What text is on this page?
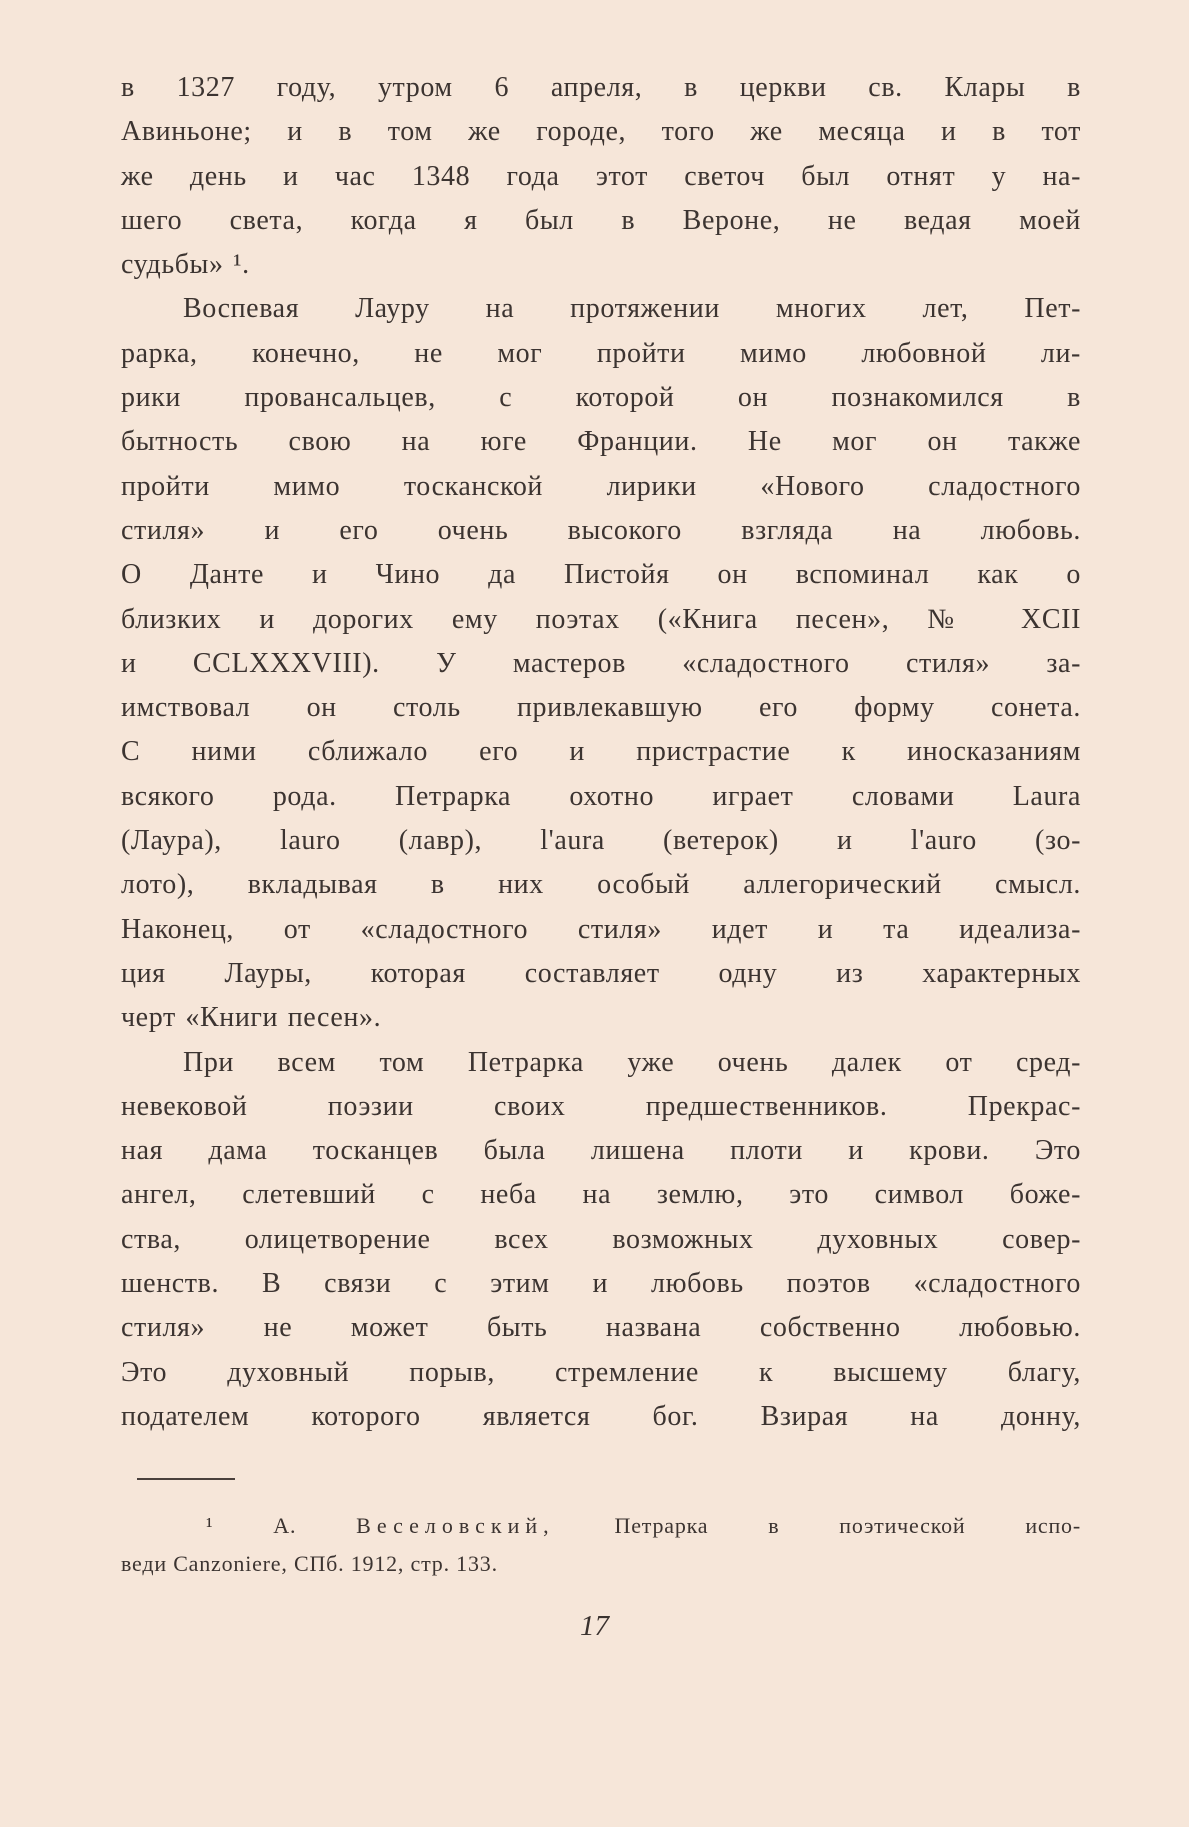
в 1327 году, утром 6 апреля, в церкви св. Клары в
Авиньоне; и в том же городе, того же месяца и в тот
же день и час 1348 года этот светоч был отнят у на-
шего света, когда я был в Вероне, не ведая моей
судьбы» ¹.
Воспевая Лауру на протяжении многих лет, Пет-
рарка, конечно, не мог пройти мимо любовной ли-
рики провансальцев, с которой он познакомился в
бытность свою на юге Франции. Не мог он также
пройти мимо тосканской лирики «Нового сладостного
стиля» и его очень высокого взгляда на любовь.
О Данте и Чино да Пистойя он вспоминал как о
близких и дорогих ему поэтах («Книга песен», № XCII
и CCLXXXVIII). У мастеров «сладостного стиля» за-
имствовал он столь привлекавшую его форму сонета.
С ними сближало его и пристрастие к иносказаниям
всякого рода. Петрарка охотно играет словами Laura
(Лаура), lauro (лавр), l'aura (ветерок) и l'auro (зо-
лото), вкладывая в них особый аллегорический смысл.
Наконец, от «сладостного стиля» идет и та идеализа-
ция Лауры, которая составляет одну из характерных
черт «Книги песен».
При всем том Петрарка уже очень далек от сред-
невековой поэзии своих предшественников. Прекрас-
ная дама тосканцев была лишена плоти и крови. Это
ангел, слетевший с неба на землю, это символ боже-
ства, олицетворение всех возможных духовных совер-
шенств. В связи с этим и любовь поэтов «сладостного
стиля» не может быть названа собственно любовью.
Это духовный порыв, стремление к высшему благу,
подателем которого является бог. Взирая на донну,
¹ А.	Веселовский,	Петрарка в поэтической испо-
веди Canzoniere, СПб. 1912, стр. 133.
17
